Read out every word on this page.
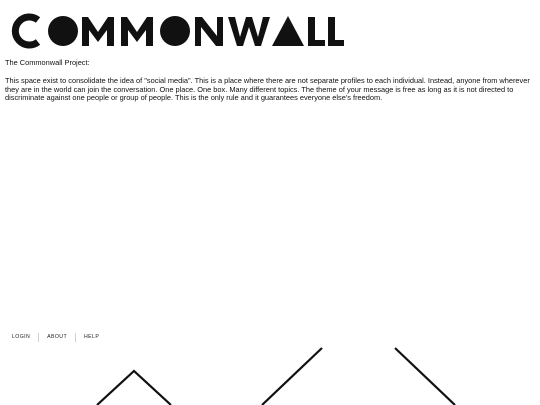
The Commonwall Project:
This space exist to consolidate the idea of "social media". This is a place where there are not separate profiles to each individual. Instead, anyone from wherever
they are in the world can join the conversation. One place. One box. Many different topics. The theme of your message is free as long as it is not directed to
discriminate against one people or group of people. This is the only rule and it guarantees everyone else's freedom.
LOGIN	ABOUT	HELP
